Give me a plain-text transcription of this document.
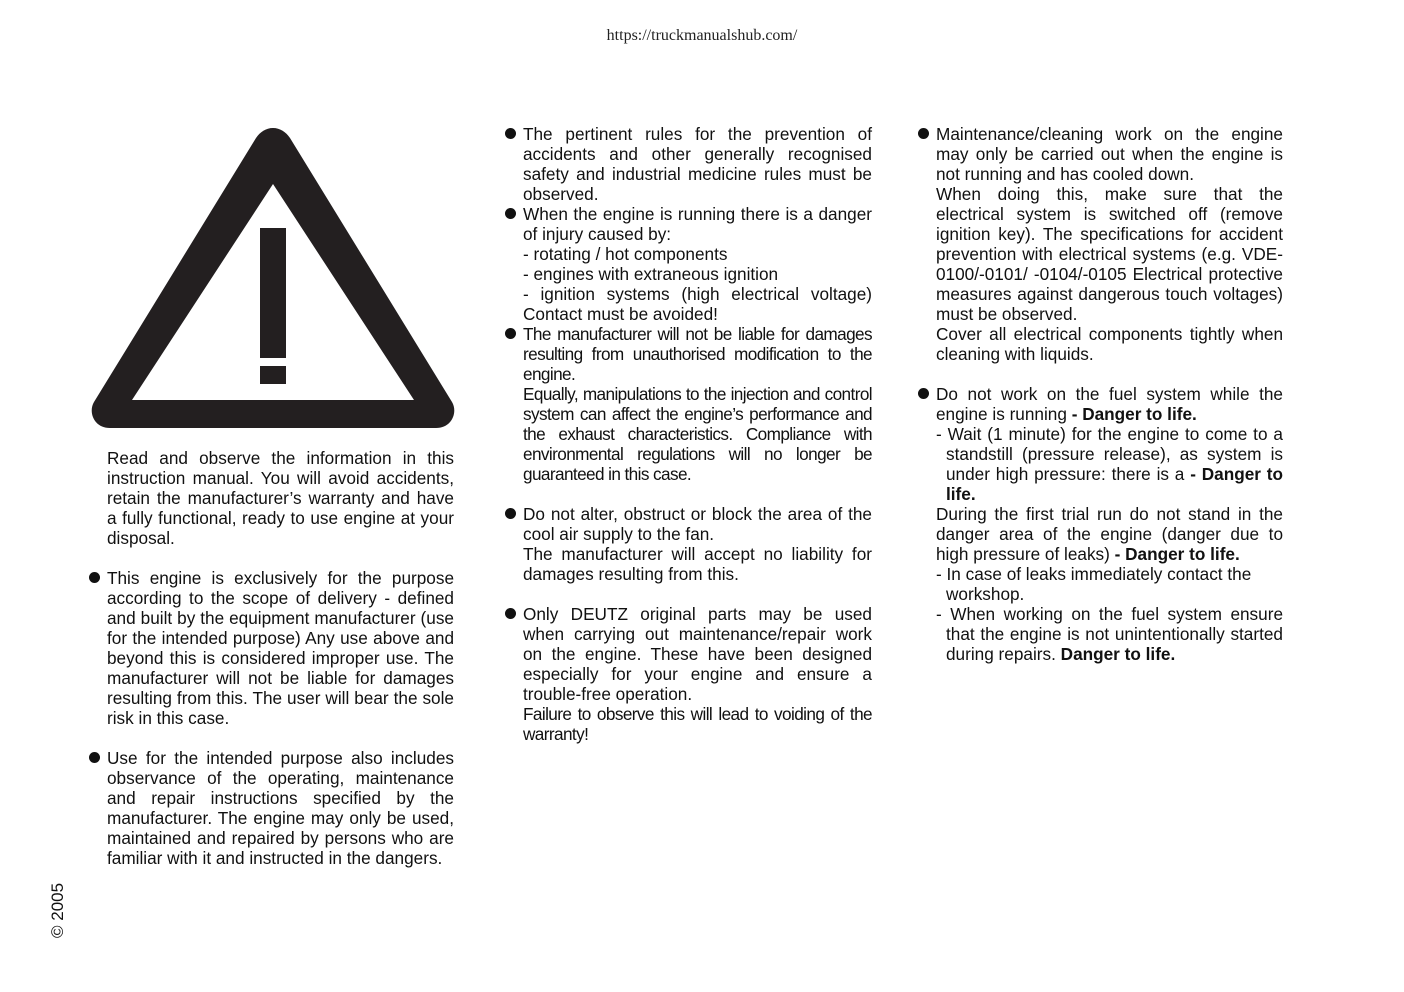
https://truckmanualshub.com/
© 2005

Read and observe the information in this instruction manual. You will avoid accidents, retain the manufacturer’s warranty and have a fully functional, ready to use engine at your disposal.

This engine is exclusively for the purpose according to the scope of delivery - defined and built by the equipment manufacturer (use for the intended purpose) Any use above and beyond this is considered improper use. The manufacturer will not be liable for damages resulting from this. The user will bear the sole risk in this case.

Use for the intended purpose also includes observance of the operating, maintenance and repair instructions specified by the manufacturer. The engine may only be used, maintained and repaired by persons who are familiar with it and instructed in the dangers.

The pertinent rules for the prevention of accidents and other generally recognised safety and industrial medicine rules must be observed.

When the engine is running there is a danger of injury caused by:

- rotating / hot components

- engines with extraneous ignition

- ignition systems (high electrical voltage) Contact must be avoided!

The manufacturer will not be liable for damages resulting from unauthorised modification to the engine.

Equally, manipulations to the injection and control system can affect the engine’s performance and the exhaust characteristics. Compliance with environmental regulations will no longer be guaranteed in this case.

Do not alter, obstruct or block the area of the cool air supply to the fan.

The manufacturer will accept no liability for damages resulting from this.

Only DEUTZ original parts may be used when carrying out maintenance/repair work on the engine. These have been designed especially for your engine and ensure a trouble-free operation.

Failure to observe this will lead to voiding of the warranty!

Maintenance/cleaning work on the engine may only be carried out when the engine is not running and has cooled down.

When doing this, make sure that the electrical system is switched off (remove ignition key). The specifications for accident prevention with electrical systems (e.g. VDE-0100/-0101/ -0104/-0105 Electrical protective measures against dangerous touch voltages) must be observed.

Cover all electrical components tightly when cleaning with liquids.

Do not work on the fuel system while the engine is running - Danger to life.

- Wait (1 minute) for the engine to come to a standstill (pressure release), as system is under high pressure: there is a - Danger to life.

During the first trial run do not stand in the danger area of the engine (danger due to high pressure of leaks) - Danger to life.

- In case of leaks immediately contact the workshop.

- When working on the fuel system ensure that the engine is not unintentionally started during repairs. Danger to life.
